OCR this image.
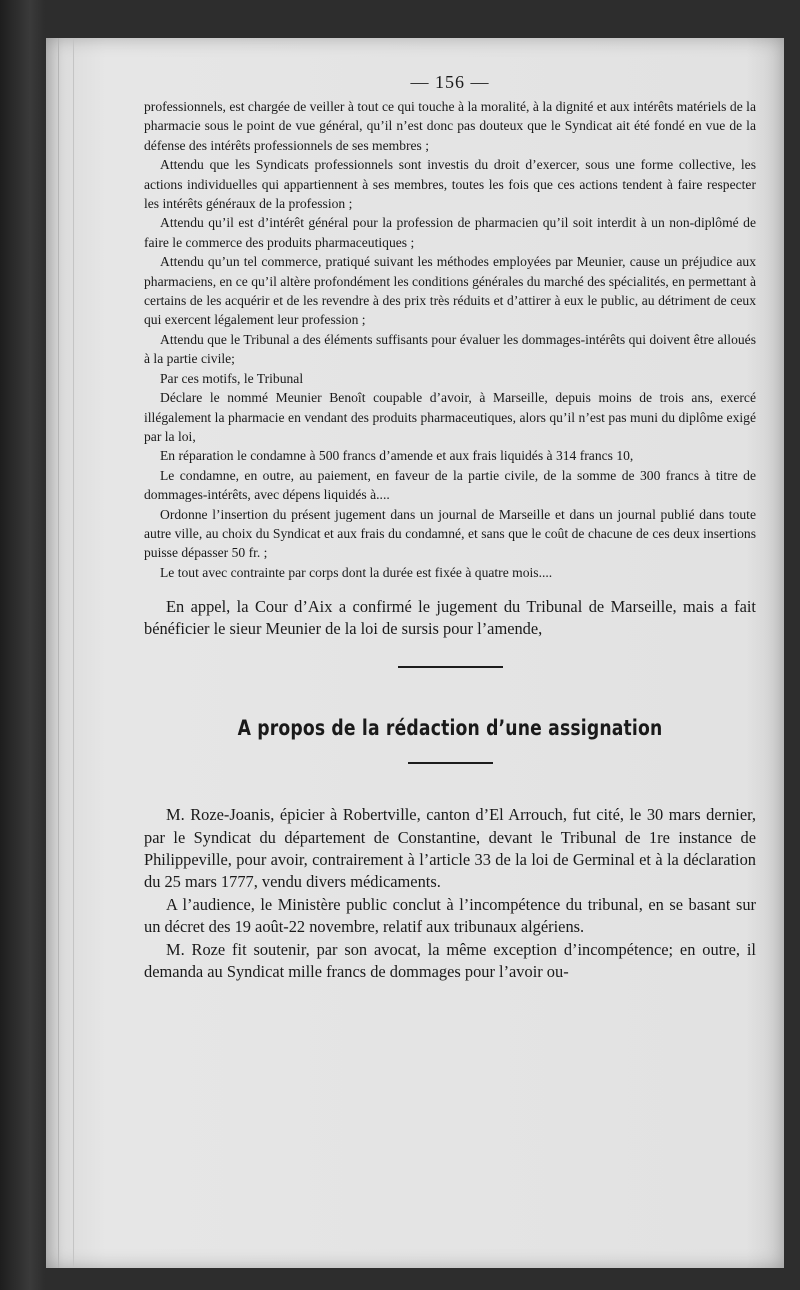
— 156 —

professionnels, est chargée de veiller à tout ce qui touche à la moralité, à la dignité et aux intérêts matériels de la pharmacie sous le point de vue général, qu’il n’est donc pas douteux que le Syndicat ait été fondé en vue de la défense des intérêts professionnels de ses membres ;

Attendu que les Syndicats professionnels sont investis du droit d’exercer, sous une forme collective, les actions individuelles qui appartiennent à ses membres, toutes les fois que ces actions tendent à faire respecter les intérêts généraux de la profession ;

Attendu qu’il est d’intérêt général pour la profession de pharmacien qu’il soit interdit à un non-diplômé de faire le commerce des produits pharmaceutiques ;

Attendu qu’un tel commerce, pratiqué suivant les méthodes employées par Meunier, cause un préjudice aux pharmaciens, en ce qu’il altère profondément les conditions générales du marché des spécialités, en permettant à certains de les acquérir et de les revendre à des prix très réduits et d’attirer à eux le public, au détriment de ceux qui exercent légalement leur profession ;

Attendu que le Tribunal a des éléments suffisants pour évaluer les dommages-intérêts qui doivent être alloués à la partie civile;

Par ces motifs, le Tribunal

Déclare le nommé Meunier Benoît coupable d’avoir, à Marseille, depuis moins de trois ans, exercé illégalement la pharmacie en vendant des produits pharmaceutiques, alors qu’il n’est pas muni du diplôme exigé par la loi,

En réparation le condamne à 500 francs d’amende et aux frais liquidés à 314 francs 10,

Le condamne, en outre, au paiement, en faveur de la partie civile, de la somme de 300 francs à titre de dommages-intérêts, avec dépens liquidés à....

Ordonne l’insertion du présent jugement dans un journal de Marseille et dans un journal publié dans toute autre ville, au choix du Syndicat et aux frais du condamné, et sans que le coût de chacune de ces deux insertions puisse dépasser 50 fr. ;

Le tout avec contrainte par corps dont la durée est fixée à quatre mois....

En appel, la Cour d’Aix a confirmé le jugement du Tribunal de Marseille, mais a fait bénéficier le sieur Meunier de la loi de sursis pour l’amende,

A propos de la rédaction d’une assignation

M. Roze-Joanis, épicier à Robertville, canton d’El Arrouch, fut cité, le 30 mars dernier, par le Syndicat du département de Constantine, devant le Tribunal de 1re instance de Philippeville, pour avoir, contrairement à l’article 33 de la loi de Germinal et à la déclaration du 25 mars 1777, vendu divers médicaments.

A l’audience, le Ministère public conclut à l’incompétence du tribunal, en se basant sur un décret des 19 août-22 novembre, relatif aux tribunaux algériens.

M. Roze fit soutenir, par son avocat, la même exception d’incompétence; en outre, il demanda au Syndicat mille francs de dommages pour l’avoir ou-
